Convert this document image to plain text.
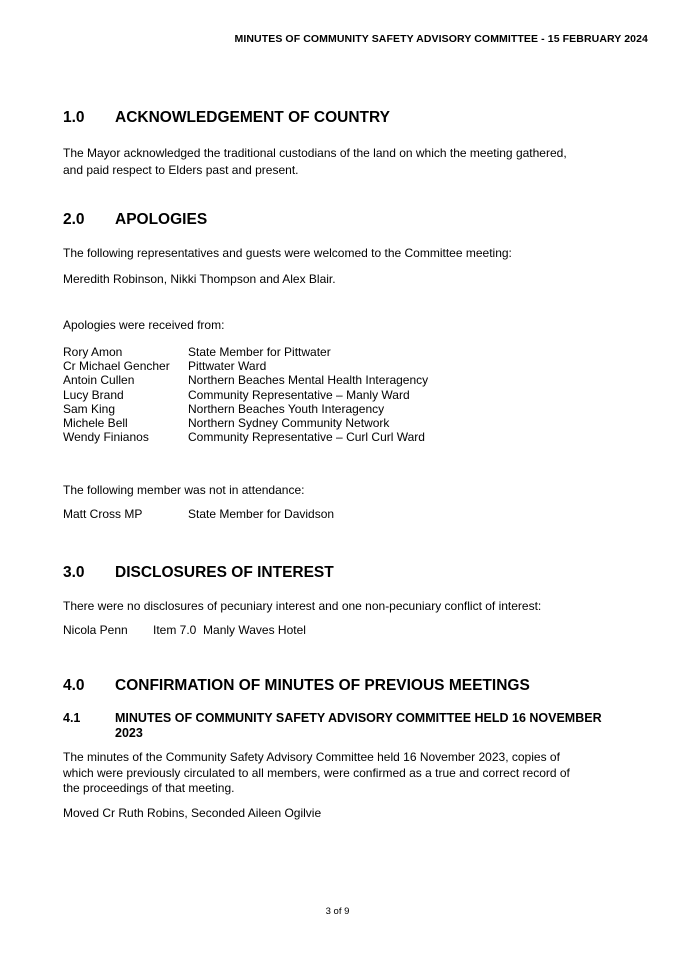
MINUTES OF COMMUNITY SAFETY ADVISORY COMMITTEE - 15 FEBRUARY 2024
1.0 ACKNOWLEDGEMENT OF COUNTRY
The Mayor acknowledged the traditional custodians of the land on which the meeting gathered,
and paid respect to Elders past and present.
2.0 APOLOGIES
The following representatives and guests were welcomed to the Committee meeting:
Meredith Robinson, Nikki Thompson and Alex Blair.
Apologies were received from:
Rory Amon	State Member for Pittwater
Cr Michael Gencher Pittwater Ward
Antoin Cullen	Northern Beaches Mental Health Interagency
Lucy Brand	Community Representative – Manly Ward
Sam King	Northern Beaches Youth Interagency
Michele Bell	Northern Sydney Community Network
Wendy Finianos	Community Representative – Curl Curl Ward
The following member was not in attendance:
Matt Cross MP	State Member for Davidson
3.0 DISCLOSURES OF INTEREST
There were no disclosures of pecuniary interest and one non-pecuniary conflict of interest:
Nicola Penn Item 7.0  Manly Waves Hotel
4.0 CONFIRMATION OF MINUTES OF PREVIOUS MEETINGS
4.1	MINUTES OF COMMUNITY SAFETY ADVISORY COMMITTEE HELD 16 NOVEMBER
2023
The minutes of the Community Safety Advisory Committee held 16 November 2023, copies of
which were previously circulated to all members, were confirmed as a true and correct record of
the proceedings of that meeting.
Moved Cr Ruth Robins, Seconded Aileen Ogilvie
3 of 9
